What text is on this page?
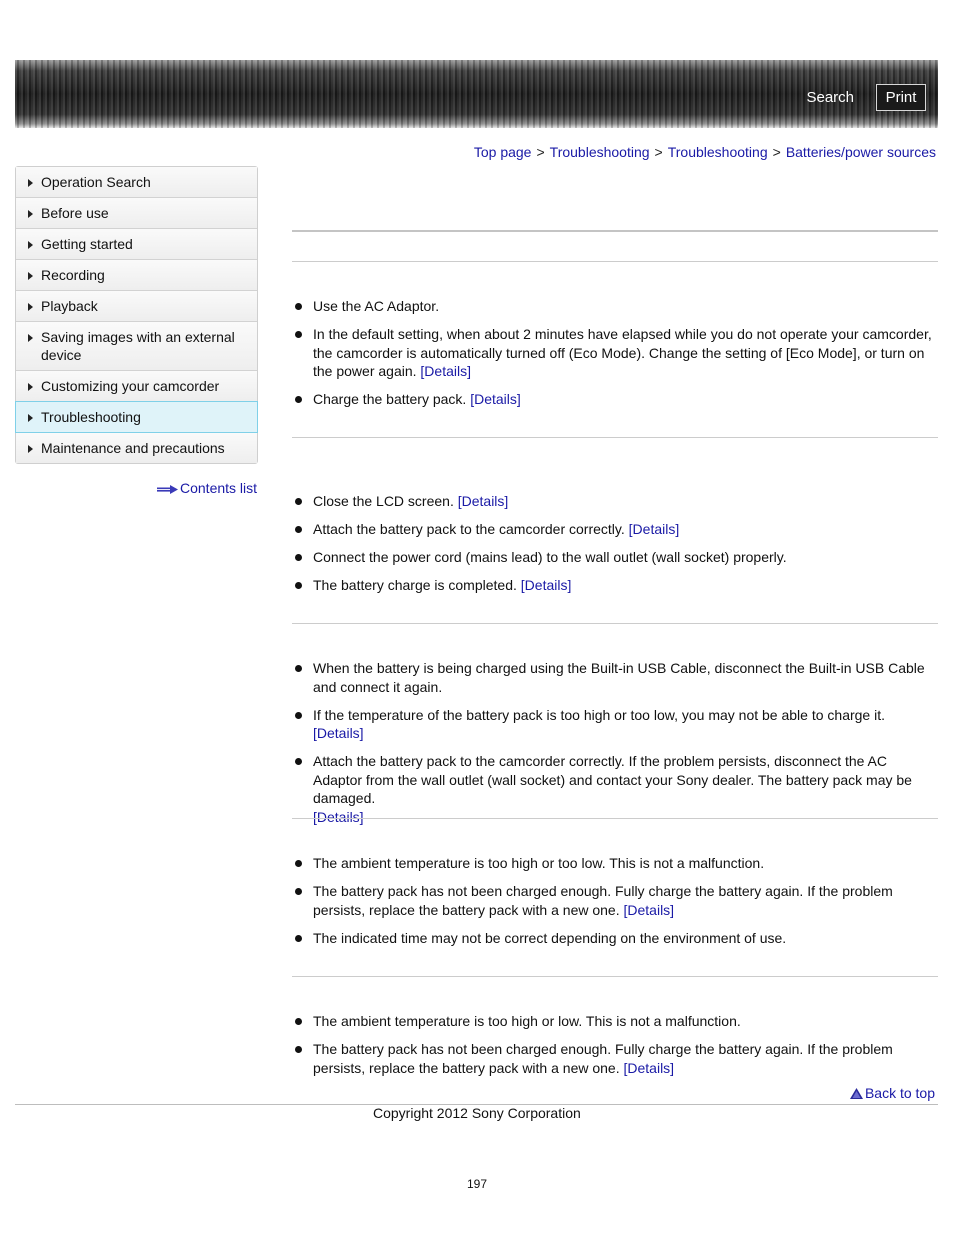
Search	Print
Top page > Troubleshooting > Troubleshooting > Batteries/power sources
Operation Search
Before use
Getting started
Recording
Playback
Saving images with an external device
Customizing your camcorder
Troubleshooting
Maintenance and precautions
Contents list
Use the AC Adaptor.
In the default setting, when about 2 minutes have elapsed while you do not operate your camcorder, the camcorder is automatically turned off (Eco Mode). Change the setting of [Eco Mode], or turn on the power again. [Details]
Charge the battery pack. [Details]
Close the LCD screen. [Details]
Attach the battery pack to the camcorder correctly. [Details]
Connect the power cord (mains lead) to the wall outlet (wall socket) properly.
The battery charge is completed. [Details]
When the battery is being charged using the Built-in USB Cable, disconnect the Built-in USB Cable and connect it again.
If the temperature of the battery pack is too high or too low, you may not be able to charge it. [Details]
Attach the battery pack to the camcorder correctly. If the problem persists, disconnect the AC Adaptor from the wall outlet (wall socket) and contact your Sony dealer. The battery pack may be damaged.
[Details]
The ambient temperature is too high or too low. This is not a malfunction.
The battery pack has not been charged enough. Fully charge the battery again. If the problem persists, replace the battery pack with a new one. [Details]
The indicated time may not be correct depending on the environment of use.
The ambient temperature is too high or low. This is not a malfunction.
The battery pack has not been charged enough. Fully charge the battery again. If the problem persists, replace the battery pack with a new one. [Details]
Back to top
Copyright 2012 Sony Corporation
197
